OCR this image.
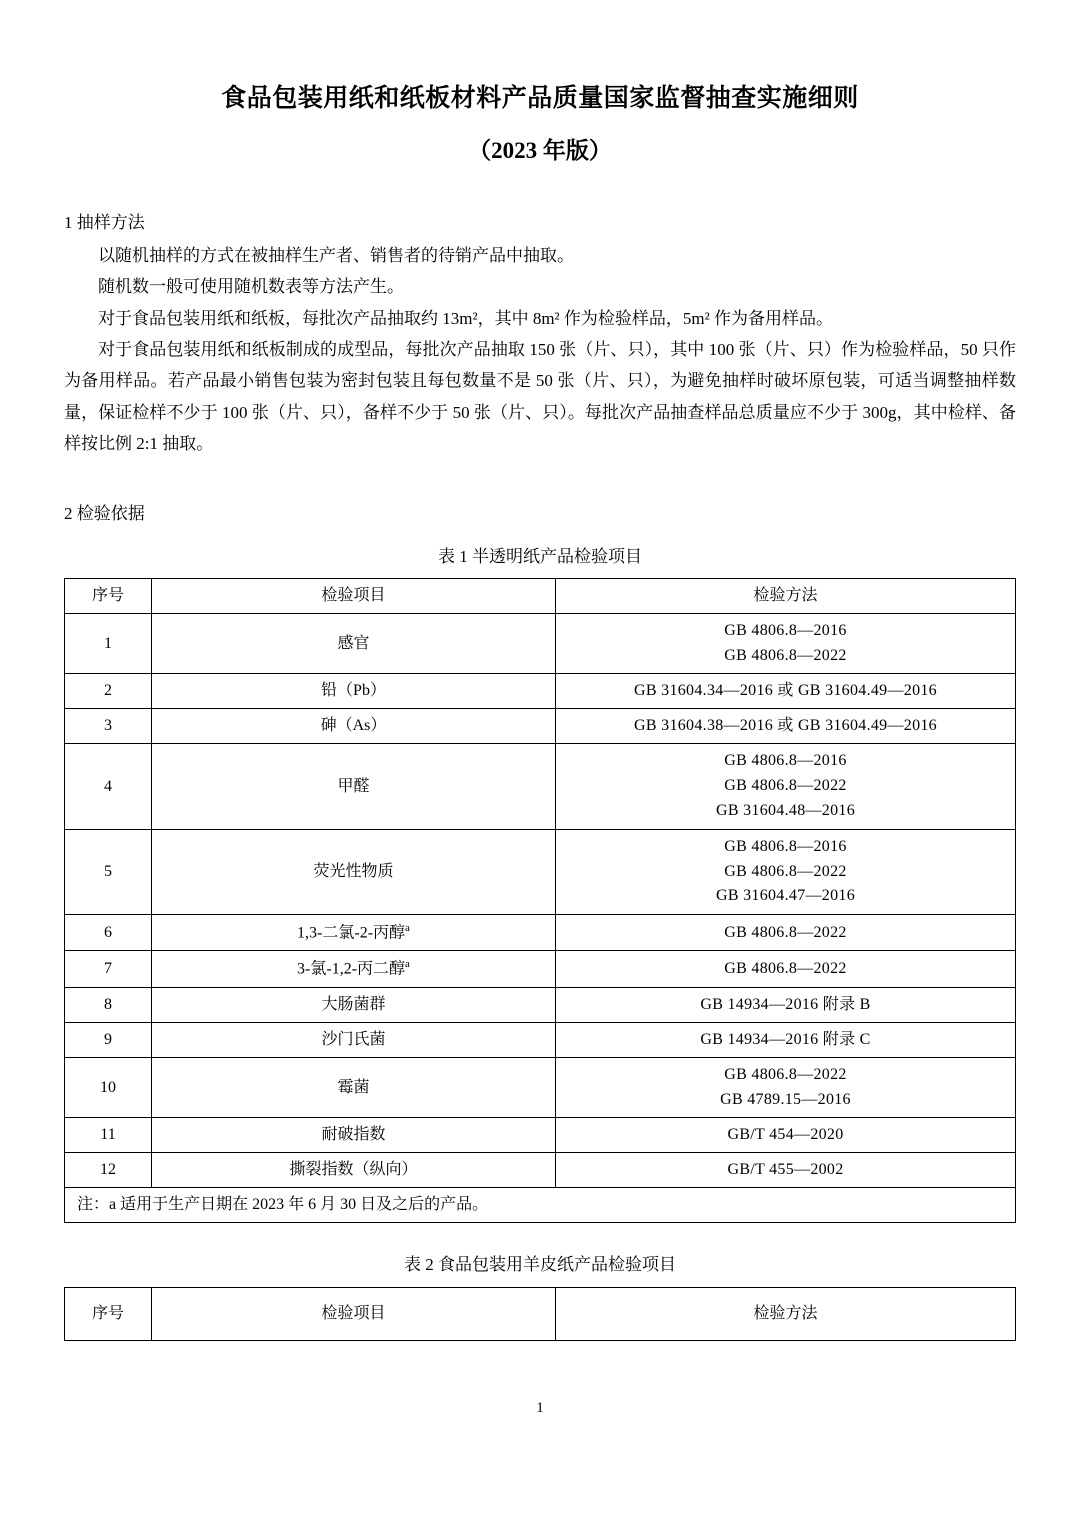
食品包装用纸和纸板材料产品质量国家监督抽查实施细则
（2023 年版）
1 抽样方法

以随机抽样的方式在被抽样生产者、销售者的待销产品中抽取。

随机数一般可使用随机数表等方法产生。

对于食品包装用纸和纸板，每批次产品抽取约 13m²，其中 8m² 作为检验样品，5m² 作为备用样品。

对于食品包装用纸和纸板制成的成型品，每批次产品抽取 150 张（片、只），其中 100 张（片、只）作为检验样品，50 只作为备用样品。若产品最小销售包装为密封包装且每包数量不是 50 张（片、只），为避免抽样时破坏原包装，可适当调整抽样数量，保证检样不少于 100 张（片、只），备样不少于 50 张（片、只）。每批次产品抽查样品总质量应不少于 300g，其中检样、备样按比例 2:1 抽取。

2 检验依据
表 1 半透明纸产品检验项目
序号	检验项目	检验方法
1	感官	GB 4806.8—2016
GB 4806.8—2022

2	铅（Pb）	GB 31604.34—2016 或 GB 31604.49—2016
3	砷（As）	GB 31604.38—2016 或 GB 31604.49—2016
4	甲醛	GB 4806.8—2016
GB 4806.8—2022
GB 31604.48—2016

5	荧光性物质	GB 4806.8—2016
GB 4806.8—2022
GB 31604.47—2016

6	1,3-二氯-2-丙醇$^a$	GB 4806.8—2022
7	3-氯-1,2-丙二醇$^a$	GB 4806.8—2022
8	大肠菌群	GB 14934—2016 附录 B
9	沙门氏菌	GB 14934—2016 附录 C
10	霉菌	GB 4806.8—2022
GB 4789.15—2016

11	耐破指数	GB/T 454—2020
12	撕裂指数（纵向）	GB/T 455—2002
注：a 适用于生产日期在 2023 年 6 月 30 日及之后的产品。		
表 2 食品包装用羊皮纸产品检验项目
序号	检验项目	检验方法
1
